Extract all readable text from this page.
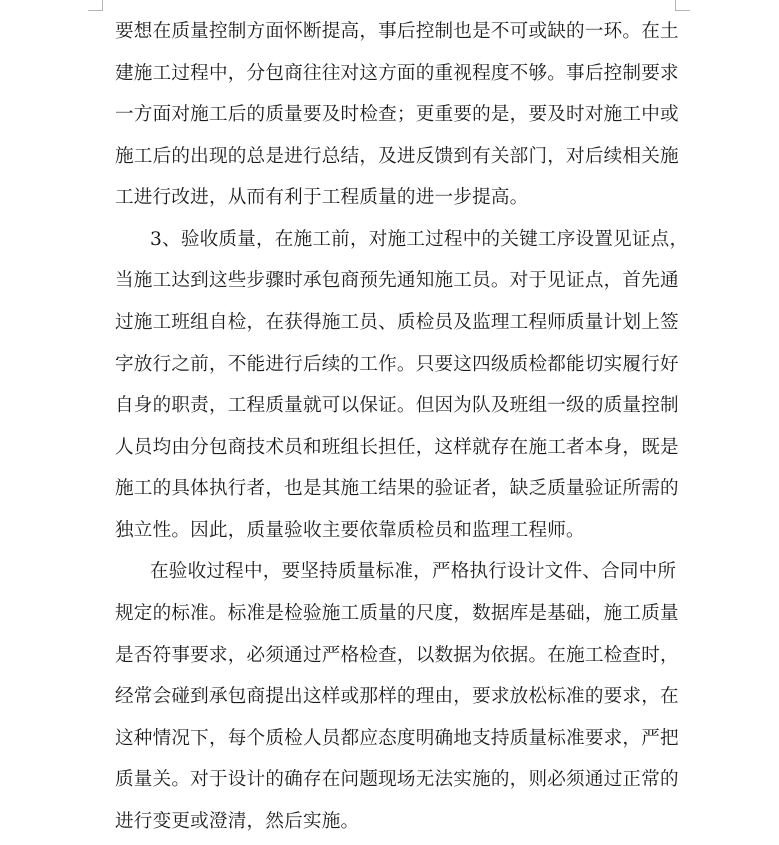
要想在质量控制方面怀断提高，事后控制也是不可或缺的一环。在土
建施工过程中，分包商往往对这方面的重视程度不够。事后控制要求
一方面对施工后的质量要及时检查；更重要的是，要及时对施工中或
施工后的出现的总是进行总结，及进反馈到有关部门，对后续相关施
工进行改进，从而有利于工程质量的进一步提高。
3、验收质量，在施工前，对施工过程中的关键工序设置见证点，
当施工达到这些步骤时承包商预先通知施工员。对于见证点，首先通
过施工班组自检，在获得施工员、质检员及监理工程师质量计划上签
字放行之前，不能进行后续的工作。只要这四级质检都能切实履行好
自身的职责，工程质量就可以保证。但因为队及班组一级的质量控制
人员均由分包商技术员和班组长担任，这样就存在施工者本身，既是
施工的具体执行者，也是其施工结果的验证者，缺乏质量验证所需的
独立性。因此，质量验收主要依靠质检员和监理工程师。
在验收过程中，要坚持质量标准，严格执行设计文件、合同中所
规定的标准。标准是检验施工质量的尺度，数据库是基础，施工质量
是否符事要求，必须通过严格检查，以数据为依据。在施工检查时，
经常会碰到承包商提出这样或那样的理由，要求放松标准的要求，在
这种情况下，每个质检人员都应态度明确地支持质量标准要求，严把
质量关。对于设计的确存在问题现场无法实施的，则必须通过正常的
进行变更或澄清，然后实施。
